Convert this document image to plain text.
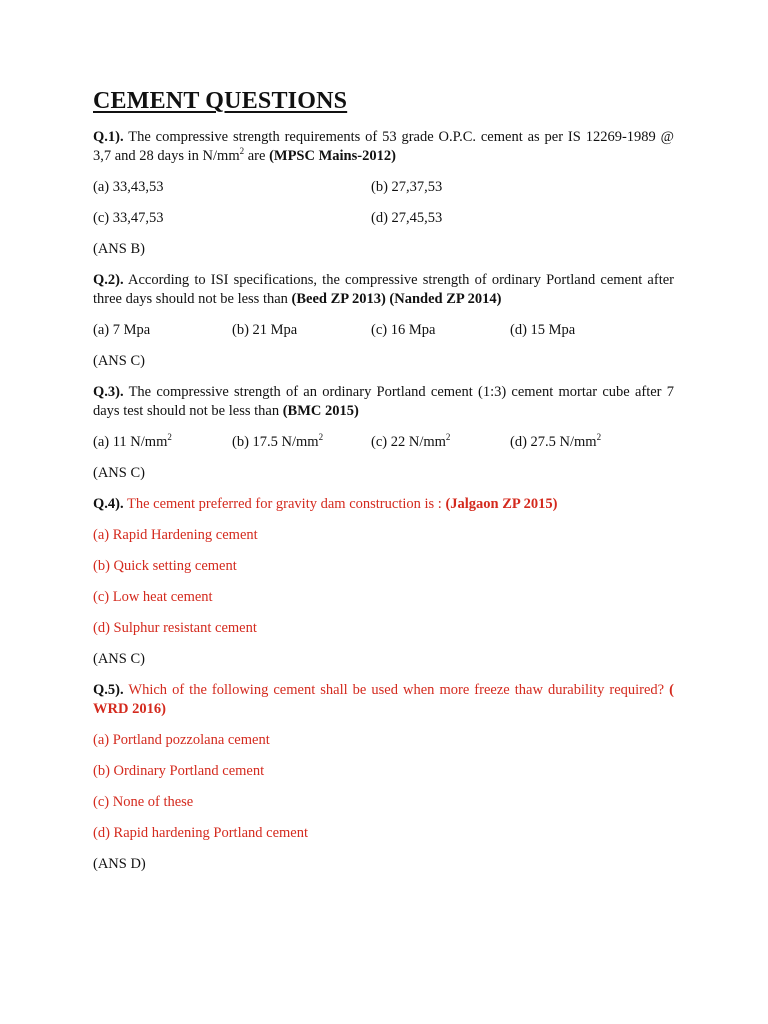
CEMENT QUESTIONS

Q.1). The compressive strength requirements of 53 grade O.P.C. cement as per IS 12269-1989 @ 3,7 and 28 days in $N/mm^2$ are (MPSC Mains-2012)

(a) 33,43,53	(b) 27,37,53
(c) 33,47,53	(d) 27,45,53
(ANS B)

Q.2). According to ISI specifications, the compressive strength of ordinary Portland cement after three days should not be less than (Beed ZP 2013) (Nanded ZP 2014)

(a) 7 Mpa	(b) 21 Mpa	(c) 16 Mpa	(d) 15 Mpa
(ANS C)

Q.3). The compressive strength of an ordinary Portland cement (1:3) cement mortar cube after 7 days test should not be less than (BMC 2015)

(a) 11 $N/mm^2$	(b) 17.5 $N/mm^2$	(c) 22 $N/mm^2$	(d) 27.5 $N/mm^2$
(ANS C)

Q.4). The cement preferred for gravity dam construction is : (Jalgaon ZP 2015)

(a) Rapid Hardening cement
(b) Quick setting cement
(c) Low heat cement
(d) Sulphur resistant cement
(ANS C)

Q.5). Which of the following cement shall be used when more freeze thaw durability required? ( WRD 2016)

(a) Portland pozzolana cement
(b) Ordinary Portland cement
(c) None of these
(d) Rapid hardening Portland cement
(ANS D)
